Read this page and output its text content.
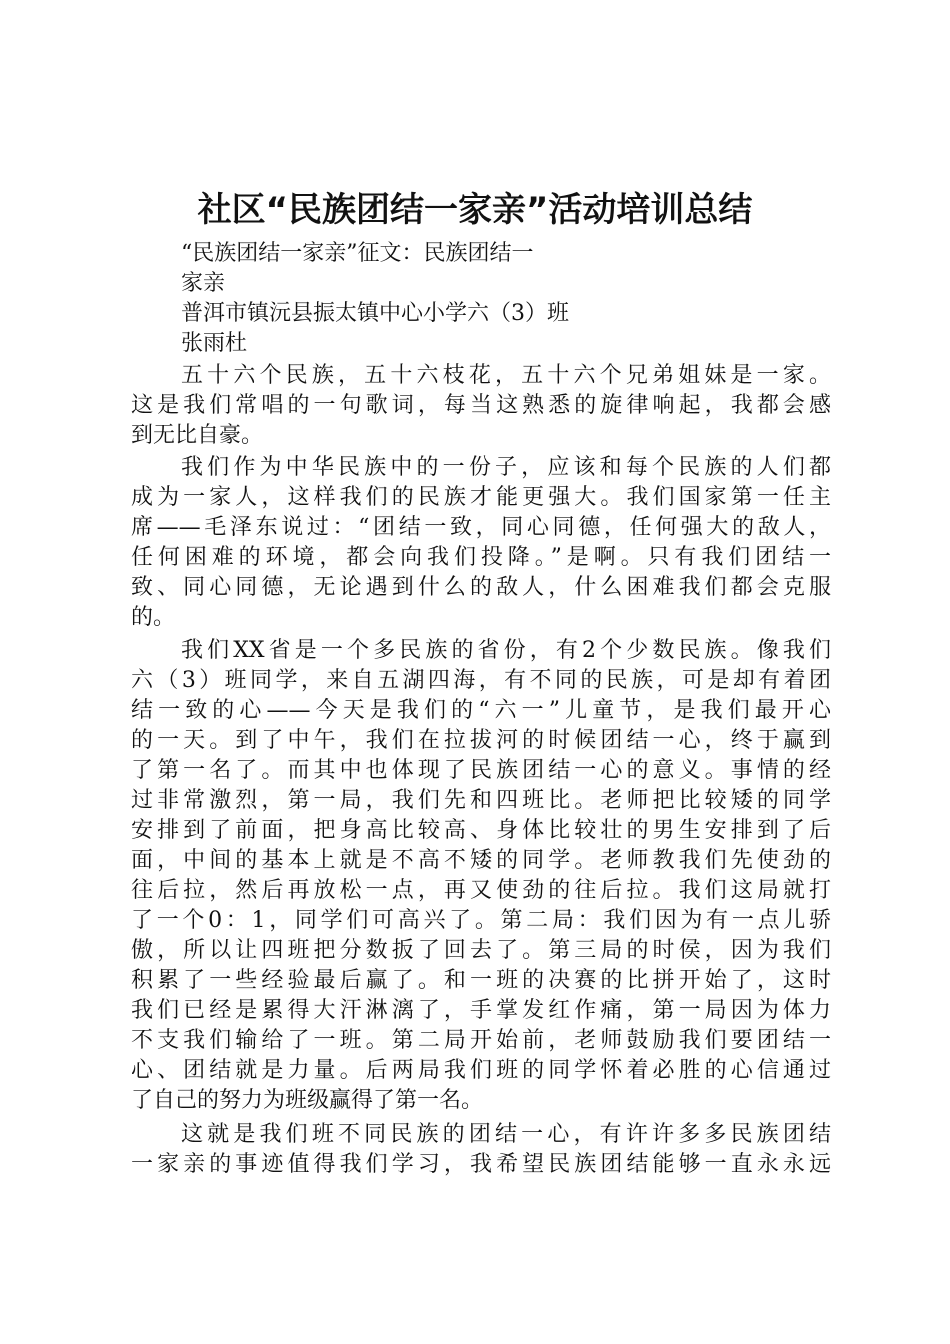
社区“民族团结一家亲”活动培训总结
“民族团结一家亲”征文：民族团结一
家亲
普洱市镇沅县振太镇中心小学六（3）班
张雨杜
五十六个民族，五十六枝花，五十六个兄弟姐妹是一家。
这是我们常唱的一句歌词，每当这熟悉的旋律响起，我都会感
到无比自豪。
我们作为中华民族中的一份子，应该和每个民族的人们都
成为一家人，这样我们的民族才能更强大。我们国家第一任主
席——毛泽东说过：“团结一致，同心同德，任何强大的敌人，
任何困难的环境，都会向我们投降。”是啊。只有我们团结一
致、同心同德，无论遇到什么的敌人，什么困难我们都会克服
的。
我们XX省是一个多民族的省份，有2个少数民族。像我们
六（3）班同学，来自五湖四海，有不同的民族，可是却有着团
结一致的心——今天是我们的“六一”儿童节，是我们最开心
的一天。到了中午，我们在拉拔河的时候团结一心，终于赢到
了第一名了。而其中也体现了民族团结一心的意义。事情的经
过非常激烈，第一局，我们先和四班比。老师把比较矮的同学
安排到了前面，把身高比较高、身体比较壮的男生安排到了后
面，中间的基本上就是不高不矮的同学。老师教我们先使劲的
往后拉，然后再放松一点，再又使劲的往后拉。我们这局就打
了一个0：1，同学们可高兴了。第二局：我们因为有一点儿骄
傲，所以让四班把分数扳了回去了。第三局的时侯，因为我们
积累了一些经验最后赢了。和一班的决赛的比拼开始了，这时
我们已经是累得大汗淋漓了，手掌发红作痛，第一局因为体力
不支我们输给了一班。第二局开始前，老师鼓励我们要团结一
心、团结就是力量。后两局我们班的同学怀着必胜的心信通过
了自己的努力为班级赢得了第一名。
这就是我们班不同民族的团结一心，有许许多多民族团结
一家亲的事迹值得我们学习，我希望民族团结能够一直永永远
